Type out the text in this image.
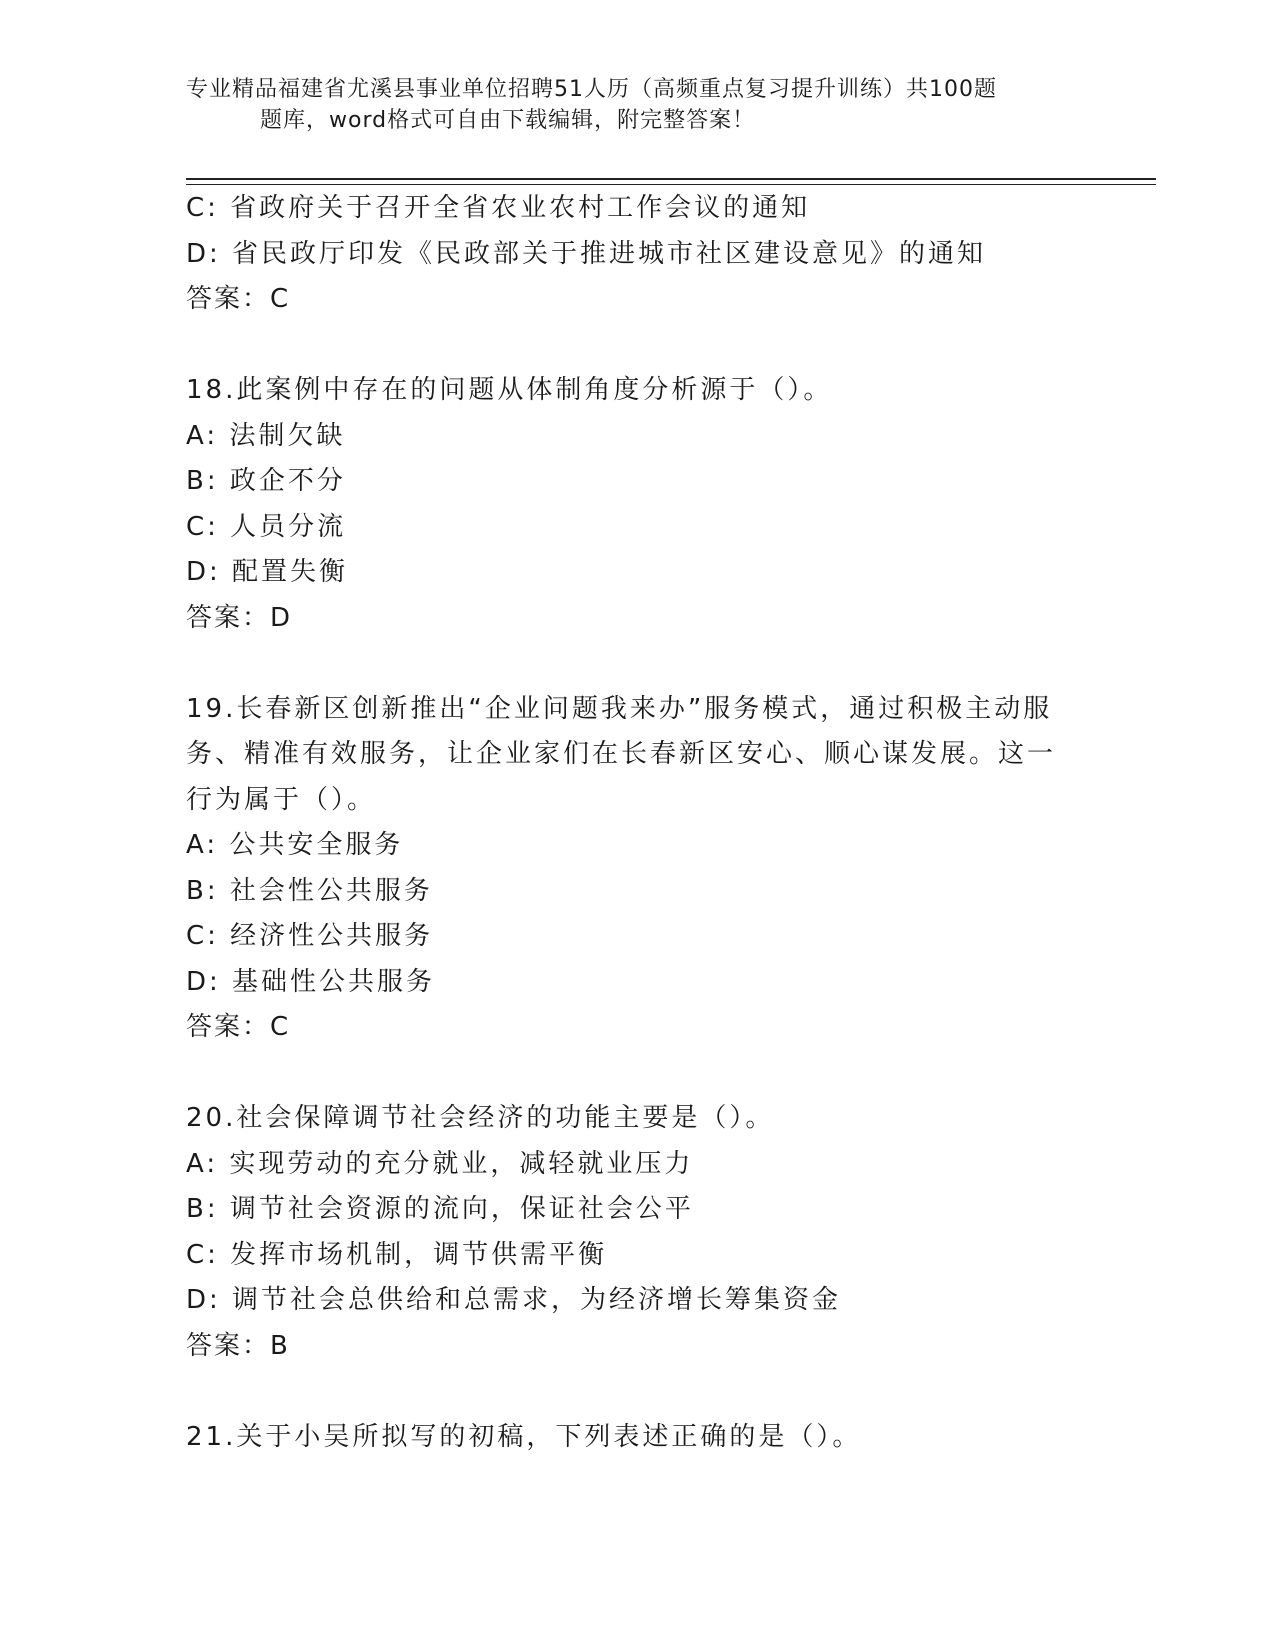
专业精品福建省尤溪县事业单位招聘51人历（高频重点复习提升训练）共100题
题库，word格式可自由下载编辑，附完整答案！
C: 省政府关于召开全省农业农村工作会议的通知
D: 省民政厅印发《民政部关于推进城市社区建设意见》的通知
答案：C
18.此案例中存在的问题从体制角度分析源于（）。
A: 法制欠缺
B: 政企不分
C: 人员分流
D: 配置失衡
答案：D
19.长春新区创新推出“企业问题我来办”服务模式，通过积极主动服
务、精准有效服务，让企业家们在长春新区安心、顺心谋发展。这一
行为属于（）。
A: 公共安全服务
B: 社会性公共服务
C: 经济性公共服务
D: 基础性公共服务
答案：C
20.社会保障调节社会经济的功能主要是（）。
A: 实现劳动的充分就业，减轻就业压力
B: 调节社会资源的流向，保证社会公平
C: 发挥市场机制，调节供需平衡
D: 调节社会总供给和总需求，为经济增长筹集资金
答案：B
21.关于小吴所拟写的初稿，下列表述正确的是（）。
